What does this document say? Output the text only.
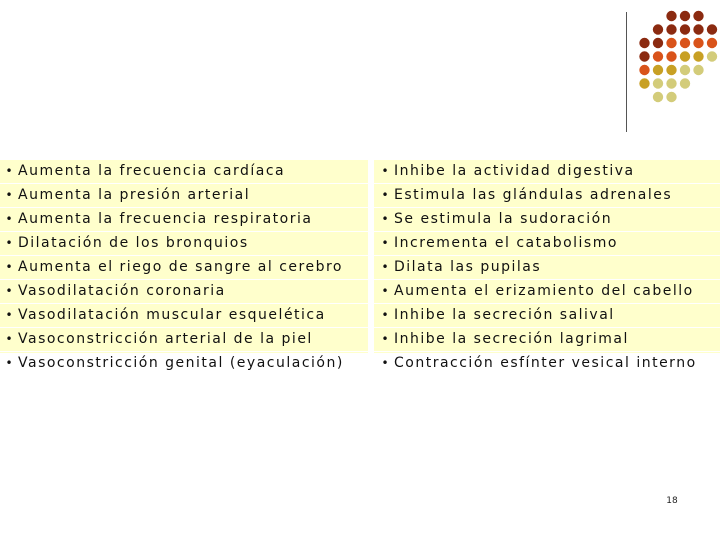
• Aumenta la frecuencia cardíaca
• Aumenta la presión arterial
• Aumenta la frecuencia respiratoria
• Dilatación de los bronquios
• Aumenta el riego de sangre al cerebro
• Vasodilatación coronaria
• Vasodilatación muscular esquelética
• Vasoconstricción arterial de la piel
• Vasoconstricción genital (eyaculación)
• Inhibe la actividad digestiva
• Estimula las glándulas adrenales
• Se estimula la sudoración
• Incrementa el catabolismo
• Dilata las pupilas
• Aumenta el erizamiento del cabello
• Inhibe la secreción salival
• Inhibe la secreción lagrimal
• Contracción esfínter vesical interno
18
